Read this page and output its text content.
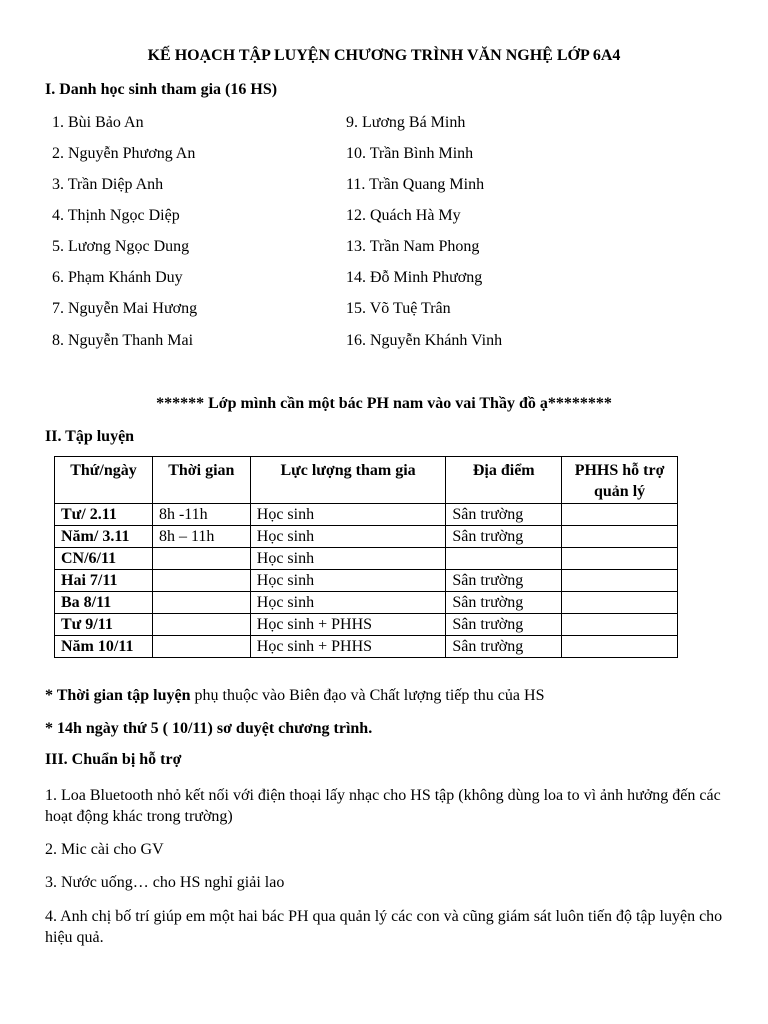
KẾ HOẠCH TẬP LUYỆN CHƯƠNG TRÌNH VĂN NGHỆ LỚP 6A4
I. Danh học sinh tham gia (16 HS)
1. Bùi Bảo An
2. Nguyễn Phương An
3. Trần Diệp Anh
4. Thịnh Ngọc Diệp
5. Lương Ngọc Dung
6. Phạm Khánh Duy
7. Nguyễn Mai Hương
8. Nguyễn Thanh Mai
9. Lương Bá Minh
10. Trần Bình Minh
11. Trần Quang Minh
12. Quách Hà My
13. Trần Nam Phong
14. Đỗ Minh Phương
15. Võ Tuệ Trân
16. Nguyễn Khánh Vinh
****** Lớp mình cần một bác PH nam vào vai Thầy đồ ạ********
II. Tập luyện
Thứ/ngày	Thời gian	Lực lượng tham gia	Địa điểm	PHHS hỗ trợ quản lý
Tư/ 2.11	8h -11h	Học sinh	Sân trường	
Năm/ 3.11	8h – 11h	Học sinh	Sân trường	
CN/6/11		Học sinh		
Hai 7/11		Học sinh	Sân trường	
Ba 8/11		Học sinh	Sân trường	
Tư 9/11		Học sinh + PHHS	Sân trường	
Năm 10/11		Học sinh + PHHS	Sân trường	
* Thời gian tập luyện phụ thuộc vào Biên đạo và Chất lượng tiếp thu của HS
* 14h ngày thứ 5 ( 10/11) sơ duyệt chương trình.
III. Chuẩn bị hỗ trợ
1. Loa Bluetooth nhỏ kết nối với điện thoại lấy nhạc cho HS tập (không dùng loa to vì ảnh hưởng đến các hoạt động khác trong trường)
2. Mic cài cho GV
3. Nước uống… cho HS nghỉ giải lao
4. Anh chị bố trí giúp em một hai bác PH qua quản lý các con và cũng giám sát luôn tiến độ tập luyện cho hiệu quả.
